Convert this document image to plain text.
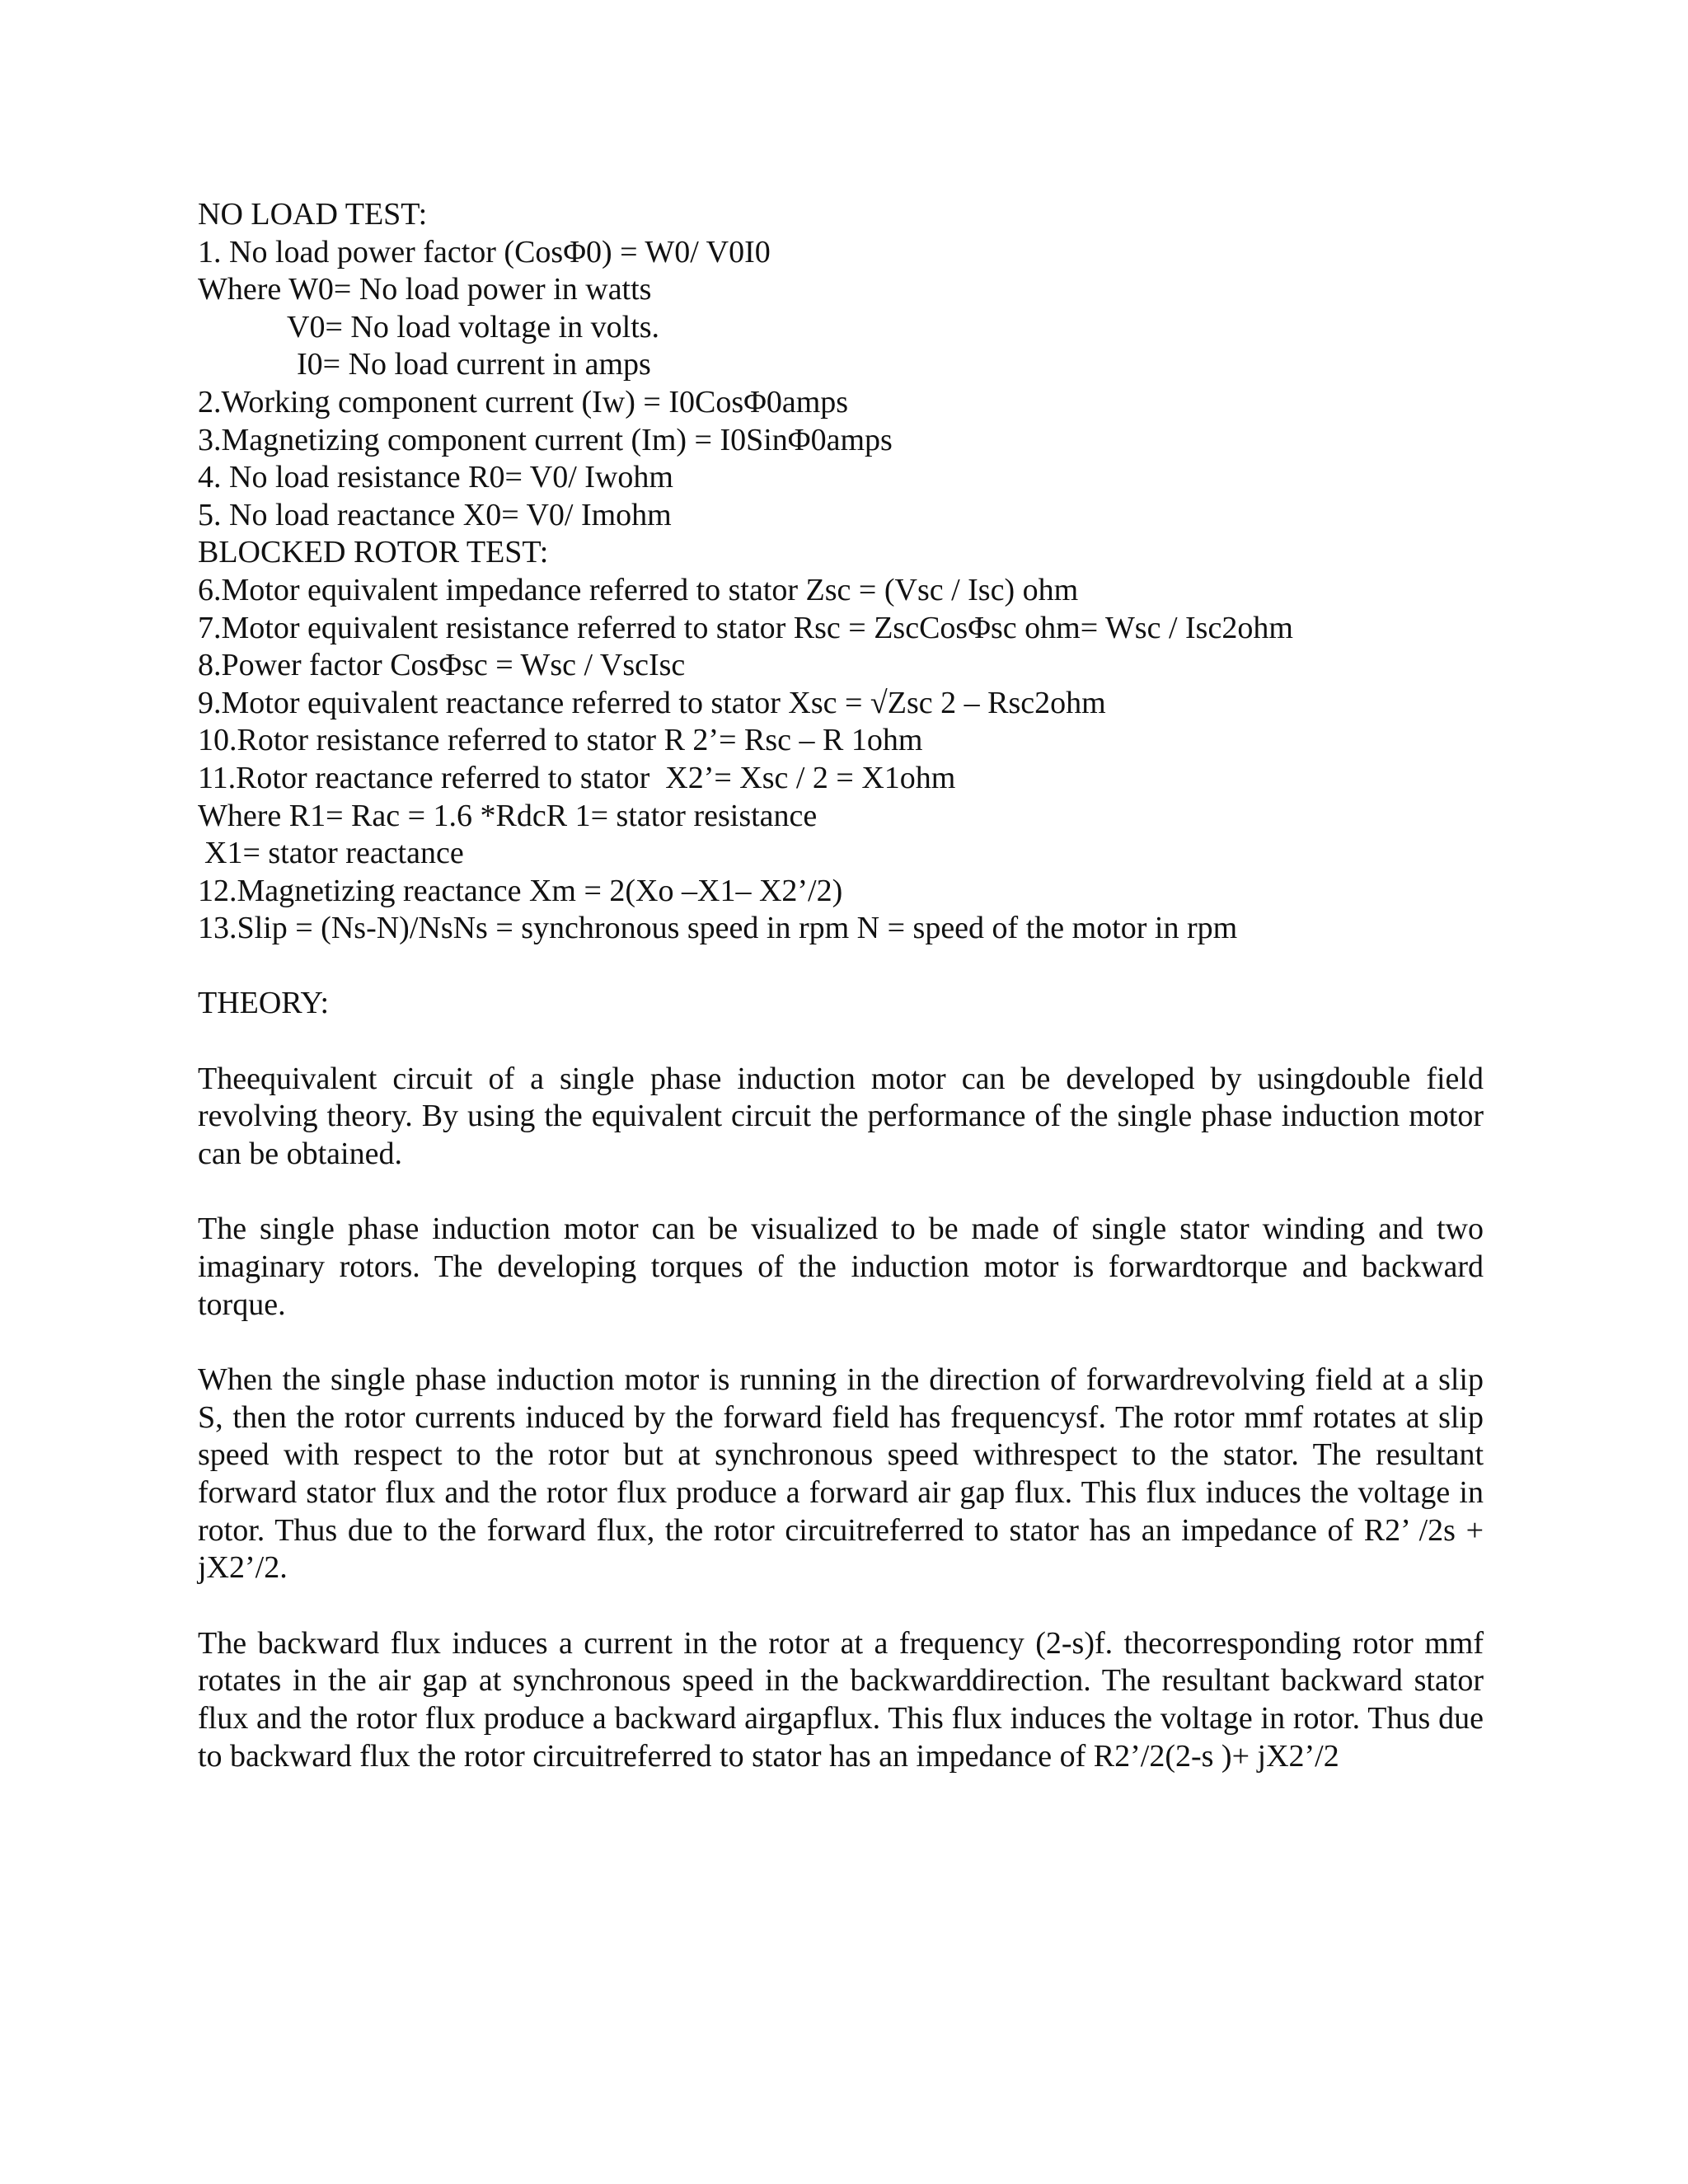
NO LOAD TEST:
1. No load power factor (CosΦ0) = W0/ V0I0
Where W0= No load power in watts
V0= No load voltage in volts.
I0= No load current in amps
2.Working component current (Iw) = I0CosΦ0amps
3.Magnetizing component current (Im) = I0SinΦ0amps
4. No load resistance R0= V0/ Iwohm
5. No load reactance X0= V0/ Imohm
BLOCKED ROTOR TEST:
6.Motor equivalent impedance referred to stator Zsc = (Vsc / Isc) ohm
7.Motor equivalent resistance referred to stator Rsc = ZscCosΦsc ohm= Wsc / Isc2ohm
8.Power factor CosΦsc = Wsc / VscIsc
9.Motor equivalent reactance referred to stator Xsc = √Zsc 2 – Rsc2ohm
10.Rotor resistance referred to stator R 2’= Rsc – R 1ohm
11.Rotor reactance referred to stator  X2’= Xsc / 2 = X1ohm
Where R1= Rac = 1.6 *RdcR 1= stator resistance
X1= stator reactance
12.Magnetizing reactance Xm = 2(Xo –X1– X2’/2)
13.Slip = (Ns-N)/NsNs = synchronous speed in rpm N = speed of the motor in rpm
THEORY:

Theequivalent circuit of a single phase induction motor can be developed by usingdouble field revolving theory. By using the equivalent circuit the performance of the single phase induction motor can be obtained.

The single phase induction motor can be visualized to be made of single stator winding and two imaginary rotors. The developing torques of the induction motor is forwardtorque and backward torque.

When the single phase induction motor is running in the direction of forwardrevolving field at a slip S, then the rotor currents induced by the forward field has frequencysf. The rotor mmf rotates at slip speed with respect to the rotor but at synchronous speed withrespect to the stator. The resultant forward stator flux and the rotor flux produce a forward air gap flux. This flux induces the voltage in rotor. Thus due to the forward flux, the rotor circuitreferred to stator has an impedance of R2’ /2s + jX2’/2.

The backward flux induces a current in the rotor at a frequency (2-s)f. thecorresponding rotor mmf rotates in the air gap at synchronous speed in the backwarddirection. The resultant backward stator flux and the rotor flux produce a backward airgapflux. This flux induces the voltage in rotor. Thus due to backward flux the rotor circuitreferred to stator has an impedance of R2’/2(2-s )+ jX2’/2
